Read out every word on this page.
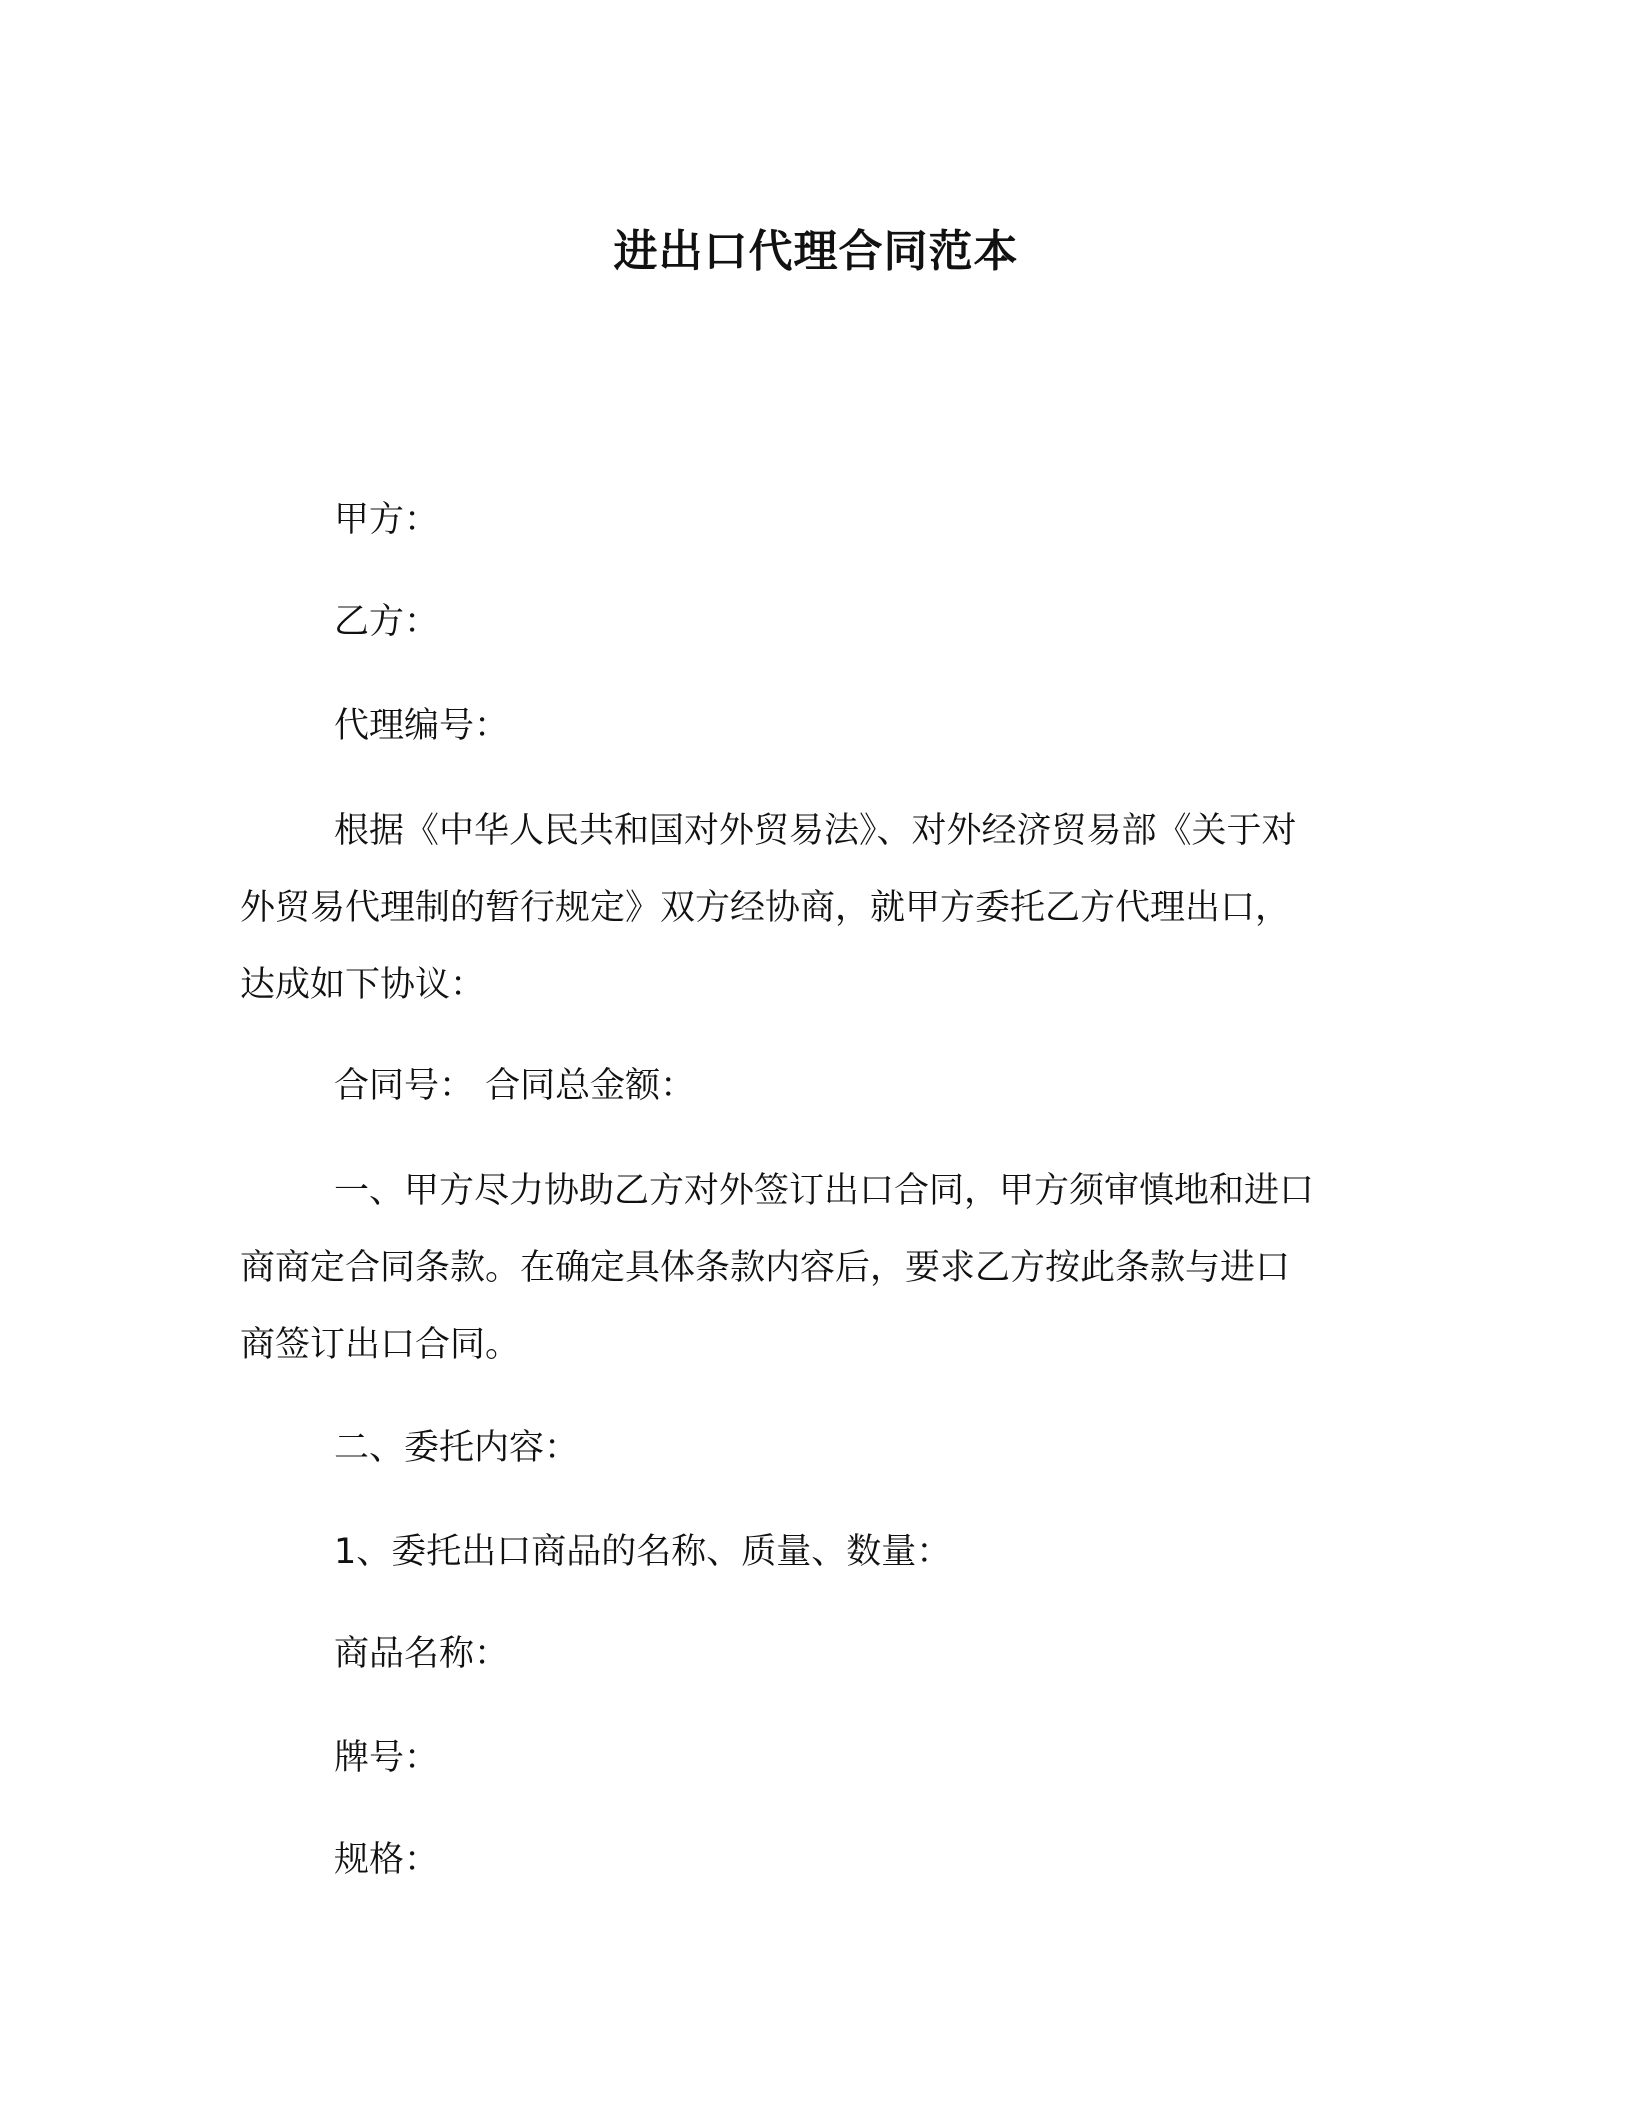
进出口代理合同范本
甲方：
乙方：
代理编号：
根据《中华人民共和国对外贸易法》、对外经济贸易部《关于对
外贸易代理制的暂行规定》双方经协商，就甲方委托乙方代理出口，
达成如下协议：
合同号： 合同总金额：
一、甲方尽力协助乙方对外签订出口合同，甲方须审慎地和进口
商商定合同条款。在确定具体条款内容后，要求乙方按此条款与进口
商签订出口合同。
二、委托内容：
1、委托出口商品的名称、质量、数量：
商品名称：
牌号：
规格：
